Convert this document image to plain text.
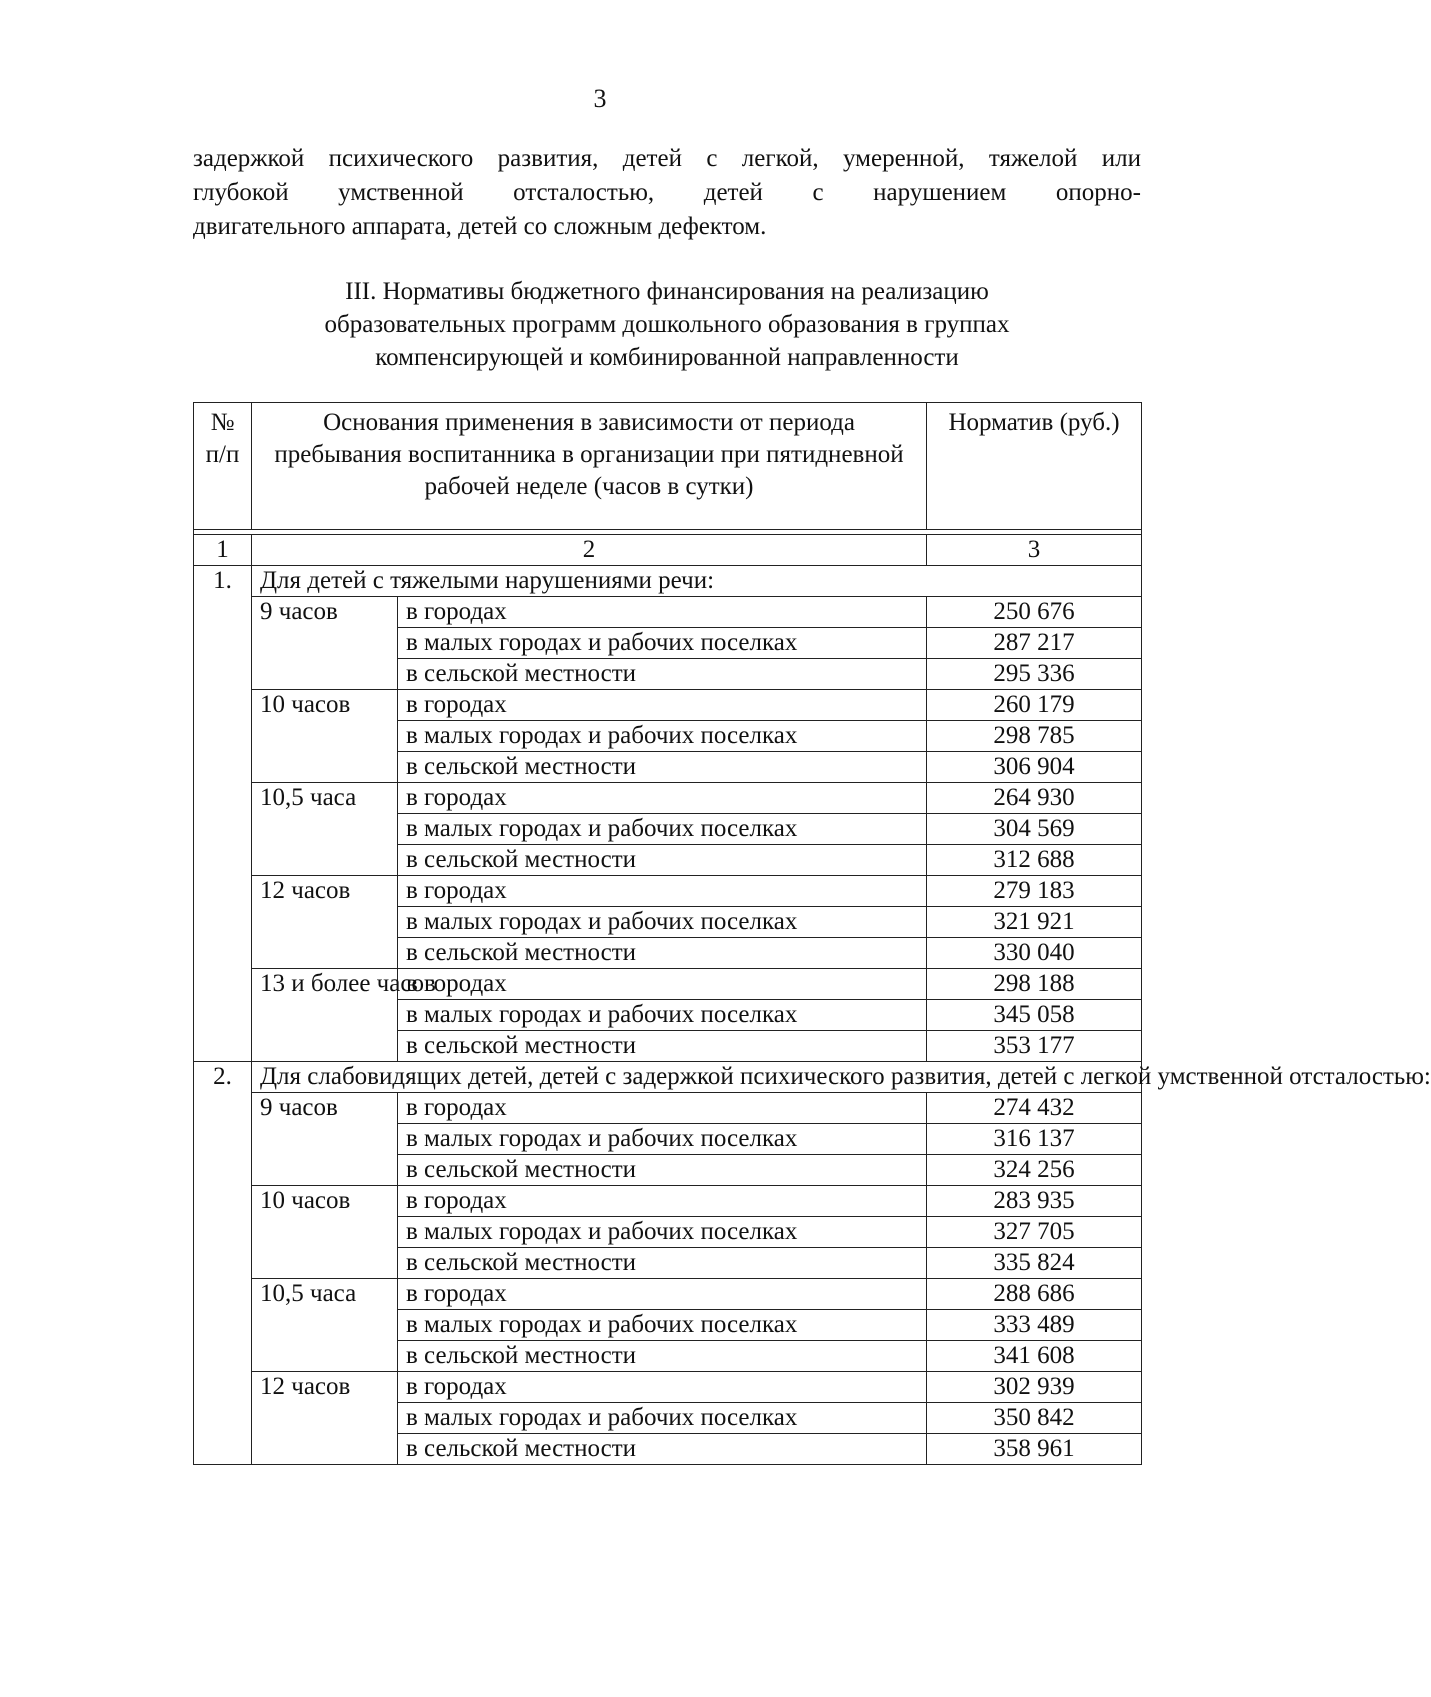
3

задержкой психического развития, детей с легкой, умеренной, тяжелой или
глубокой умственной отсталостью, детей с нарушением опорно-
двигательного аппарата, детей со сложным дефектом.

III. Нормативы бюджетного финансирования на реализацию
образовательных программ дошкольного образования в группах
компенсирующей и комбинированной направленности
№ п/п	Основания применения в зависимости от периода пребывания воспитанника в организации при пятидневной рабочей неделе (часов в сутки)		Норматив (руб.)

1	2		3
1.	Для детей с тяжелыми нарушениями речи:		
	9 часов	в городах	250 676
		в малых городах и рабочих поселках	287 217
		в сельской местности	295 336
	10 часов	в городах	260 179
		в малых городах и рабочих поселках	298 785
		в сельской местности	306 904
	10,5 часа	в городах	264 930
		в малых городах и рабочих поселках	304 569
		в сельской местности	312 688
	12 часов	в городах	279 183
		в малых городах и рабочих поселках	321 921
		в сельской местности	330 040
	13 и более часов	в городах	298 188
		в малых городах и рабочих поселках	345 058
		в сельской местности	353 177
2.	Для слабовидящих детей, детей с задержкой психического развития, детей с легкой умственной отсталостью:		
	9 часов	в городах	274 432
		в малых городах и рабочих поселках	316 137
		в сельской местности	324 256
	10 часов	в городах	283 935
		в малых городах и рабочих поселках	327 705
		в сельской местности	335 824
	10,5 часа	в городах	288 686
		в малых городах и рабочих поселках	333 489
		в сельской местности	341 608
	12 часов	в городах	302 939
		в малых городах и рабочих поселках	350 842
		в сельской местности	358 961
